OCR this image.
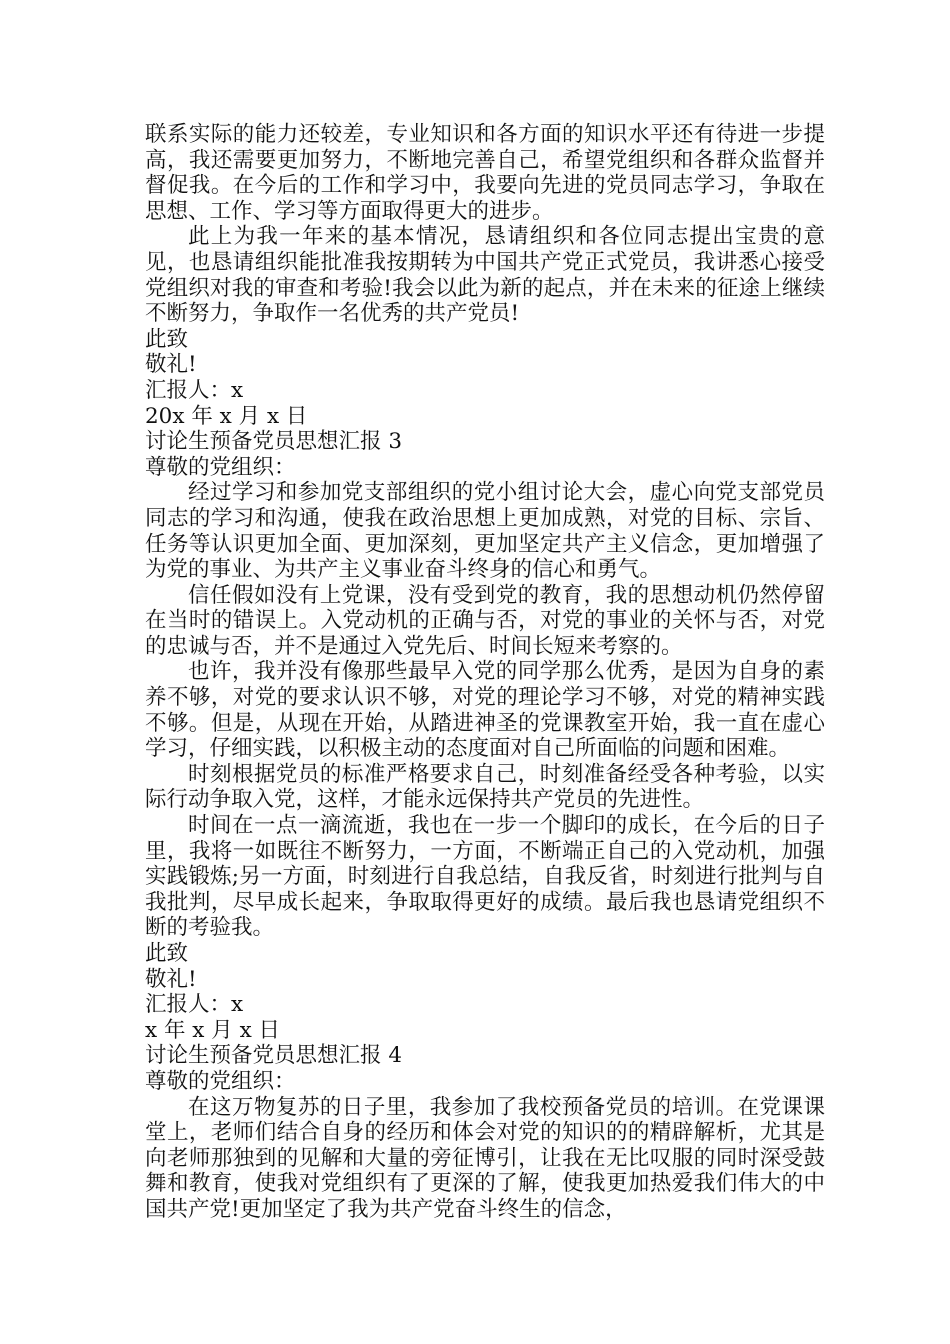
联系实际的能力还较差，专业知识和各方面的知识水平还有待进一步提高，我还需要更加努力，不断地完善自己，希望党组织和各群众监督并督促我。在今后的工作和学习中，我要向先进的党员同志学习，争取在思想、工作、学习等方面取得更大的进步。

此上为我一年来的基本情况，恳请组织和各位同志提出宝贵的意见，也恳请组织能批准我按期转为中国共产党正式党员，我讲悉心接受党组织对我的审查和考验!我会以此为新的起点，并在未来的征途上继续不断努力，争取作一名优秀的共产党员!

此致

敬礼!

汇报人：x

20x 年 x 月 x 日

讨论生预备党员思想汇报 3

尊敬的党组织：

经过学习和参加党支部组织的党小组讨论大会，虚心向党支部党员同志的学习和沟通，使我在政治思想上更加成熟，对党的目标、宗旨、任务等认识更加全面、更加深刻，更加坚定共产主义信念，更加增强了为党的事业、为共产主义事业奋斗终身的信心和勇气。

信任假如没有上党课，没有受到党的教育，我的思想动机仍然停留在当时的错误上。入党动机的正确与否，对党的事业的关怀与否，对党的忠诚与否，并不是通过入党先后、时间长短来考察的。

也许，我并没有像那些最早入党的同学那么优秀，是因为自身的素养不够，对党的要求认识不够，对党的理论学习不够，对党的精神实践不够。但是，从现在开始，从踏进神圣的党课教室开始，我一直在虚心学习，仔细实践，以积极主动的态度面对自己所面临的问题和困难。

时刻根据党员的标准严格要求自己，时刻准备经受各种考验，以实际行动争取入党，这样，才能永远保持共产党员的先进性。

时间在一点一滴流逝，我也在一步一个脚印的成长，在今后的日子里，我将一如既往不断努力，一方面，不断端正自己的入党动机，加强实践锻炼;另一方面，时刻进行自我总结，自我反省，时刻进行批判与自我批判，尽早成长起来，争取取得更好的成绩。最后我也恳请党组织不断的考验我。

此致

敬礼!

汇报人：x

x 年 x 月 x 日

讨论生预备党员思想汇报 4

尊敬的党组织：

在这万物复苏的日子里，我参加了我校预备党员的培训。在党课课堂上，老师们结合自身的经历和体会对党的知识的的精辟解析，尤其是向老师那独到的见解和大量的旁征博引，让我在无比叹服的同时深受鼓舞和教育，使我对党组织有了更深的了解，使我更加热爱我们伟大的中国共产党!更加坚定了我为共产党奋斗终生的信念，
